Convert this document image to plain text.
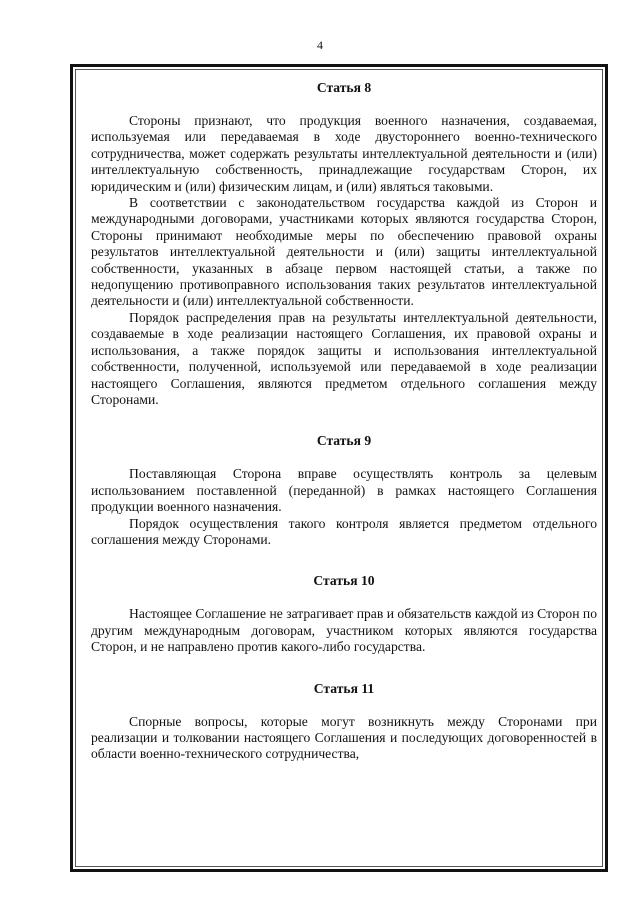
4
Статья 8

Стороны признают, что продукция военного назначения, создаваемая, используемая или передаваемая в ходе двустороннего военно-технического сотрудничества, может содержать результаты интеллектуальной деятельности и (или) интеллектуальную собственность, принадлежащие государствам Сторон, их юридическим и (или) физическим лицам, и (или) являться таковыми.

В соответствии с законодательством государства каждой из Сторон и международными договорами, участниками которых являются государства Сторон, Стороны принимают необходимые меры по обеспечению правовой охраны результатов интеллектуальной деятельности и (или) защиты интеллектуальной собственности, указанных в абзаце первом настоящей статьи, а также по недопущению противоправного использования таких результатов интеллектуальной деятельности и (или) интеллектуальной собственности.

Порядок распределения прав на результаты интеллектуальной деятельности, создаваемые в ходе реализации настоящего Соглашения, их правовой охраны и использования, а также порядок защиты и использования интеллектуальной собственности, полученной, используемой или передаваемой в ходе реализации настоящего Соглашения, являются предметом отдельного соглашения между Сторонами.

Статья 9

Поставляющая Сторона вправе осуществлять контроль за целевым использованием поставленной (переданной) в рамках настоящего Соглашения продукции военного назначения.

Порядок осуществления такого контроля является предметом отдельного соглашения между Сторонами.

Статья 10

Настоящее Соглашение не затрагивает прав и обязательств каждой из Сторон по другим международным договорам, участником которых являются государства Сторон, и не направлено против какого-либо государства.

Статья 11

Спорные вопросы, которые могут возникнуть между Сторонами при реализации и толковании настоящего Соглашения и последующих договоренностей в области военно-технического сотрудничества,
